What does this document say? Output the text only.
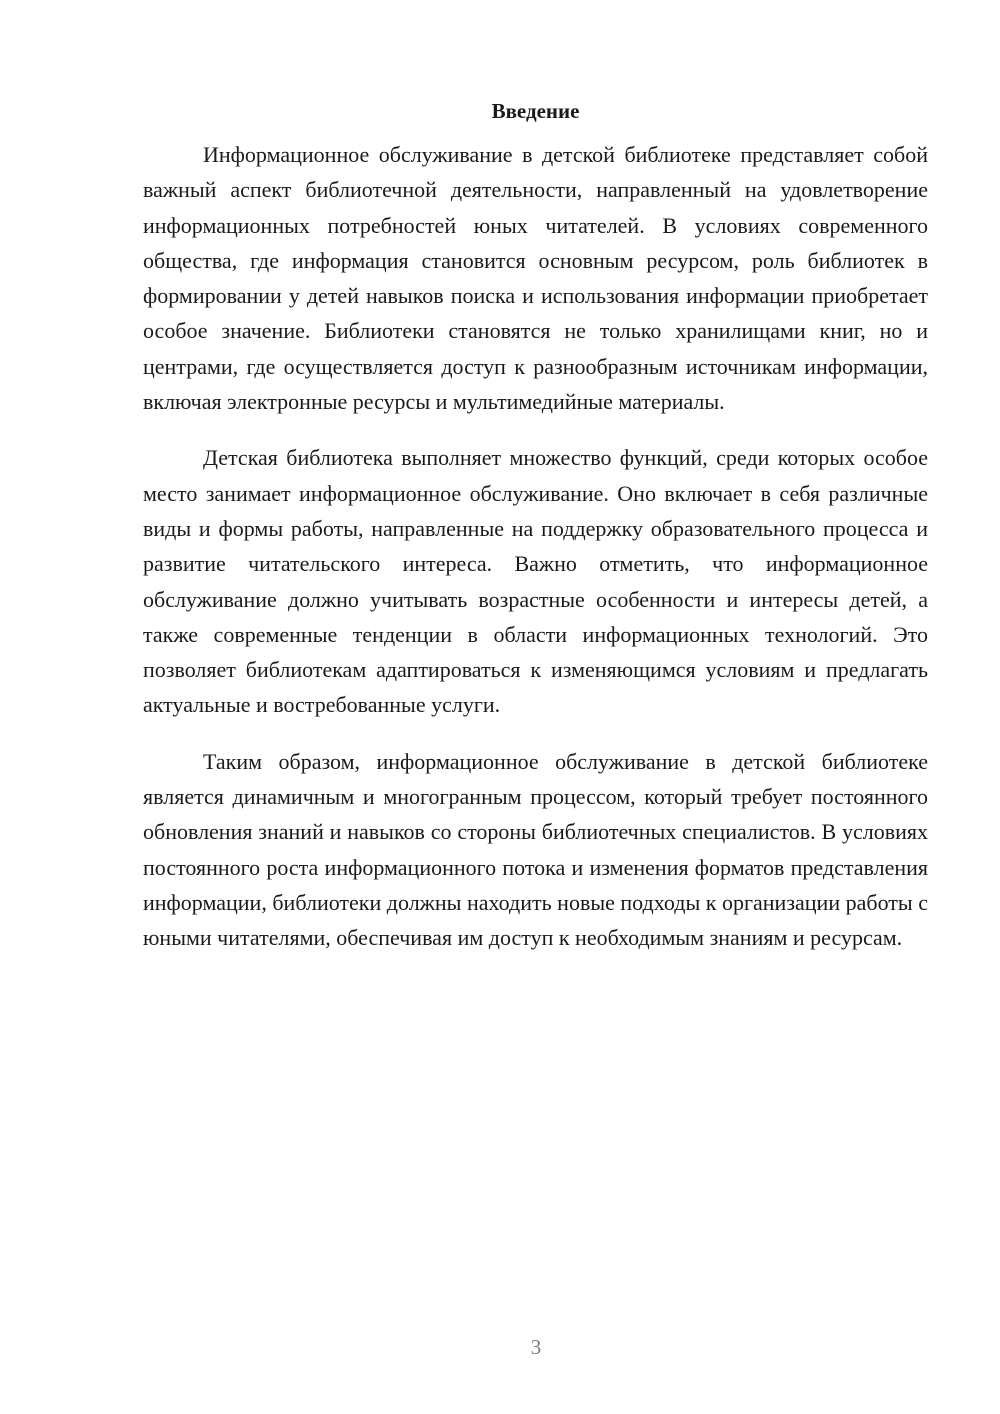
Введение

Информационное обслуживание в детской библиотеке представляет собой важный аспект библиотечной деятельности, направленный на удовлетворение информационных потребностей юных читателей. В условиях современного общества, где информация становится основным ресурсом, роль библиотек в формировании у детей навыков поиска и использования информации приобретает особое значение. Библиотеки становятся не только хранилищами книг, но и центрами, где осуществляется доступ к разнообразным источникам информации, включая электронные ресурсы и мультимедийные материалы.

Детская библиотека выполняет множество функций, среди которых особое место занимает информационное обслуживание. Оно включает в себя различные виды и формы работы, направленные на поддержку образовательного процесса и развитие читательского интереса. Важно отметить, что информационное обслуживание должно учитывать возрастные особенности и интересы детей, а также современные тенденции в области информационных технологий. Это позволяет библиотекам адаптироваться к изменяющимся условиям и предлагать актуальные и востребованные услуги.

Таким образом, информационное обслуживание в детской библиотеке является динамичным и многогранным процессом, который требует постоянного обновления знаний и навыков со стороны библиотечных специалистов. В условиях постоянного роста информационного потока и изменения форматов представления информации, библиотеки должны находить новые подходы к организации работы с юными читателями, обеспечивая им доступ к необходимым знаниям и ресурсам.

3
